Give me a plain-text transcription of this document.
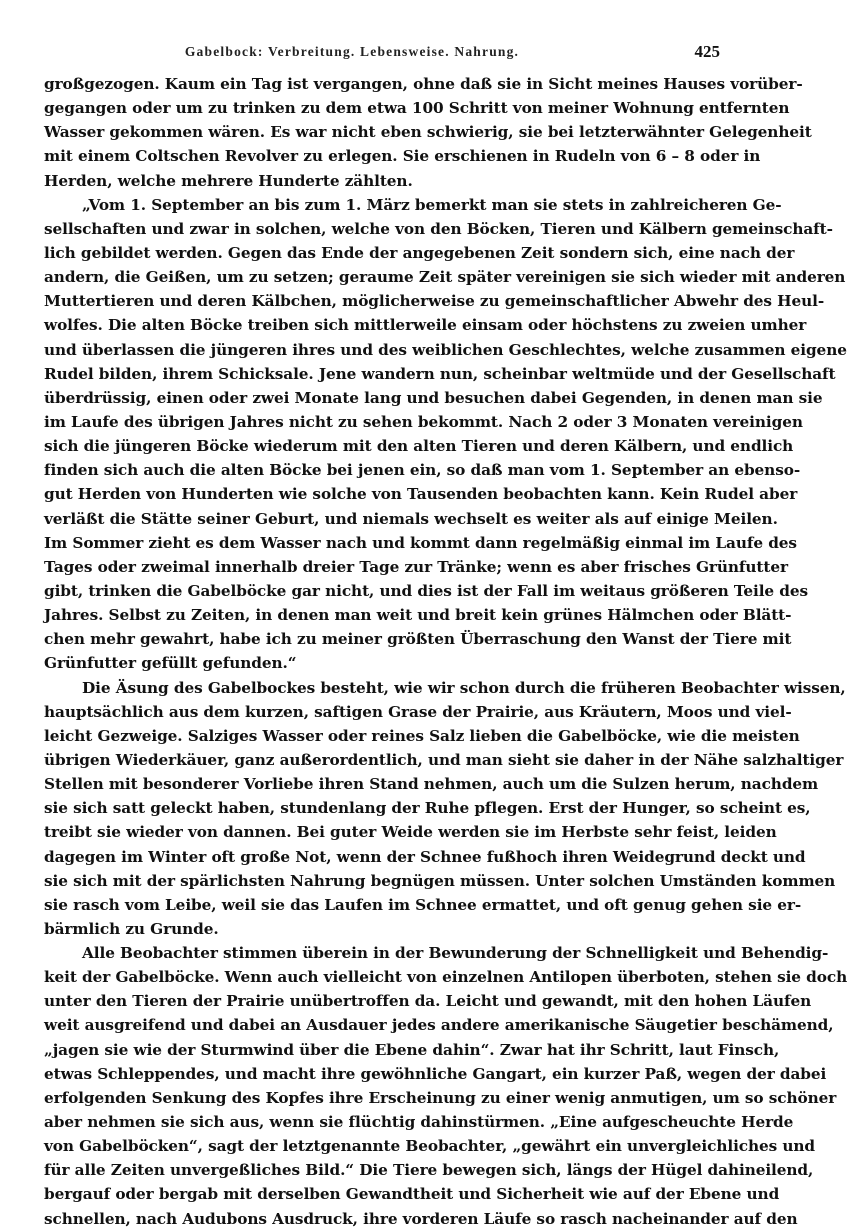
Gabelbock: Verbreitung. Lebensweise. Nahrung.	425
großgezogen. Kaum ein Tag ist vergangen, ohne daß sie in Sicht meines Hauses vorüber-
gegangen oder um zu trinken zu dem etwa 100 Schritt von meiner Wohnung entfernten
Wasser gekommen wären. Es war nicht eben schwierig, sie bei letzterwähnter Gelegenheit
mit einem Coltschen Revolver zu erlegen. Sie erschienen in Rudeln von 6 – 8 oder in
Herden, welche mehrere Hunderte zählten.
„Vom 1. September an bis zum 1. März bemerkt man sie stets in zahlreicheren Ge-
sellschaften und zwar in solchen, welche von den Böcken, Tieren und Kälbern gemeinschaft-
lich gebildet werden. Gegen das Ende der angegebenen Zeit sondern sich, eine nach der
andern, die Geißen, um zu setzen; geraume Zeit später vereinigen sie sich wieder mit anderen
Muttertieren und deren Kälbchen, möglicherweise zu gemeinschaftlicher Abwehr des Heul-
wolfes. Die alten Böcke treiben sich mittlerweile einsam oder höchstens zu zweien umher
und überlassen die jüngeren ihres und des weiblichen Geschlechtes, welche zusammen eigene
Rudel bilden, ihrem Schicksale. Jene wandern nun, scheinbar weltmüde und der Gesellschaft
überdrüssig, einen oder zwei Monate lang und besuchen dabei Gegenden, in denen man sie
im Laufe des übrigen Jahres nicht zu sehen bekommt. Nach 2 oder 3 Monaten vereinigen
sich die jüngeren Böcke wiederum mit den alten Tieren und deren Kälbern, und endlich
finden sich auch die alten Böcke bei jenen ein, so daß man vom 1. September an ebenso-
gut Herden von Hunderten wie solche von Tausenden beobachten kann. Kein Rudel aber
verläßt die Stätte seiner Geburt, und niemals wechselt es weiter als auf einige Meilen.
Im Sommer zieht es dem Wasser nach und kommt dann regelmäßig einmal im Laufe des
Tages oder zweimal innerhalb dreier Tage zur Tränke; wenn es aber frisches Grünfutter
gibt, trinken die Gabelböcke gar nicht, und dies ist der Fall im weitaus größeren Teile des
Jahres. Selbst zu Zeiten, in denen man weit und breit kein grünes Hälmchen oder Blätt-
chen mehr gewahrt, habe ich zu meiner größten Überraschung den Wanst der Tiere mit
Grünfutter gefüllt gefunden.“
Die Äsung des Gabelbockes besteht, wie wir schon durch die früheren Beobachter wissen,
hauptsächlich aus dem kurzen, saftigen Grase der Prairie, aus Kräutern, Moos und viel-
leicht Gezweige. Salziges Wasser oder reines Salz lieben die Gabelböcke, wie die meisten
übrigen Wiederkäuer, ganz außerordentlich, und man sieht sie daher in der Nähe salzhaltiger
Stellen mit besonderer Vorliebe ihren Stand nehmen, auch um die Sulzen herum, nachdem
sie sich satt geleckt haben, stundenlang der Ruhe pflegen. Erst der Hunger, so scheint es,
treibt sie wieder von dannen. Bei guter Weide werden sie im Herbste sehr feist, leiden
dagegen im Winter oft große Not, wenn der Schnee fußhoch ihren Weidegrund deckt und
sie sich mit der spärlichsten Nahrung begnügen müssen. Unter solchen Umständen kommen
sie rasch vom Leibe, weil sie das Laufen im Schnee ermattet, und oft genug gehen sie er-
bärmlich zu Grunde.
Alle Beobachter stimmen überein in der Bewunderung der Schnelligkeit und Behendig-
keit der Gabelböcke. Wenn auch vielleicht von einzelnen Antilopen überboten, stehen sie doch
unter den Tieren der Prairie unübertroffen da. Leicht und gewandt, mit den hohen Läufen
weit ausgreifend und dabei an Ausdauer jedes andere amerikanische Säugetier beschämend,
„jagen sie wie der Sturmwind über die Ebene dahin“. Zwar hat ihr Schritt, laut Finsch,
etwas Schleppendes, und macht ihre gewöhnliche Gangart, ein kurzer Paß, wegen der dabei
erfolgenden Senkung des Kopfes ihre Erscheinung zu einer wenig anmutigen, um so schöner
aber nehmen sie sich aus, wenn sie flüchtig dahinstürmen. „Eine aufgescheuchte Herde
von Gabelböcken“, sagt der letztgenannte Beobachter, „gewährt ein unvergleichliches und
für alle Zeiten unvergeßliches Bild.“ Die Tiere bewegen sich, längs der Hügel dahineilend,
bergauf oder bergab mit derselben Gewandtheit und Sicherheit wie auf der Ebene und
schnellen, nach Audubons Ausdruck, ihre vorderen Läufe so rasch nacheinander auf den
